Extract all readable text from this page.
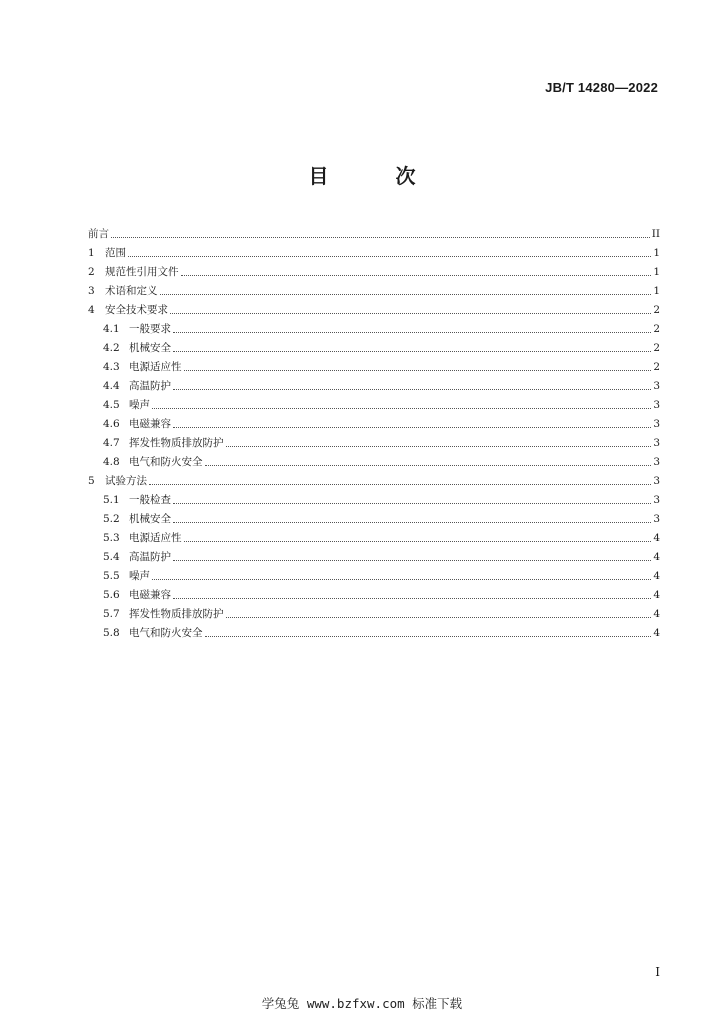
JB/T 14280—2022
目 次
前言	II
1 范围	1
2 规范性引用文件	1
3 术语和定义	1
4 安全技术要求	2
4.1 一般要求	2
4.2 机械安全	2
4.3 电源适应性	2
4.4 高温防护	3
4.5 噪声	3
4.6 电磁兼容	3
4.7 挥发性物质排放防护	3
4.8 电气和防火安全	3
5 试验方法	3
5.1 一般检查	3
5.2 机械安全	3
5.3 电源适应性	4
5.4 高温防护	4
5.5 噪声	4
5.6 电磁兼容	4
5.7 挥发性物质排放防护	4
5.8 电气和防火安全	4
I
学兔兔 www.bzfxw.com 标准下载
